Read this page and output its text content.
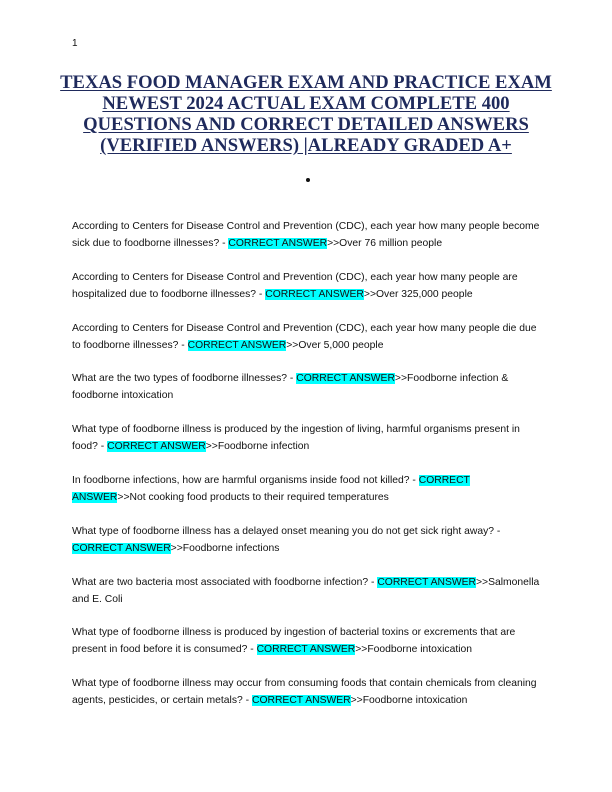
1
TEXAS FOOD MANAGER EXAM AND PRACTICE EXAM NEWEST 2024 ACTUAL EXAM COMPLETE 400 QUESTIONS AND CORRECT DETAILED ANSWERS (VERIFIED ANSWERS) |ALREADY GRADED A+

According to Centers for Disease Control and Prevention (CDC), each year how many people become sick due to foodborne illnesses? - CORRECT ANSWER>>Over 76 million people

According to Centers for Disease Control and Prevention (CDC), each year how many people are hospitalized due to foodborne illnesses? - CORRECT ANSWER>>Over 325,000 people

According to Centers for Disease Control and Prevention (CDC), each year how many people die due to foodborne illnesses? - CORRECT ANSWER>>Over 5,000 people

What are the two types of foodborne illnesses? - CORRECT ANSWER>>Foodborne infection & foodborne intoxication

What type of foodborne illness is produced by the ingestion of living, harmful organisms present in food? - CORRECT ANSWER>>Foodborne infection

In foodborne infections, how are harmful organisms inside food not killed? - CORRECT ANSWER>>Not cooking food products to their required temperatures

What type of foodborne illness has a delayed onset meaning you do not get sick right away? - CORRECT ANSWER>>Foodborne infections

What are two bacteria most associated with foodborne infection? - CORRECT ANSWER>>Salmonella and E. Coli

What type of foodborne illness is produced by ingestion of bacterial toxins or excrements that are present in food before it is consumed? - CORRECT ANSWER>>Foodborne intoxication

What type of foodborne illness may occur from consuming foods that contain chemicals from cleaning agents, pesticides, or certain metals? - CORRECT ANSWER>>Foodborne intoxication
